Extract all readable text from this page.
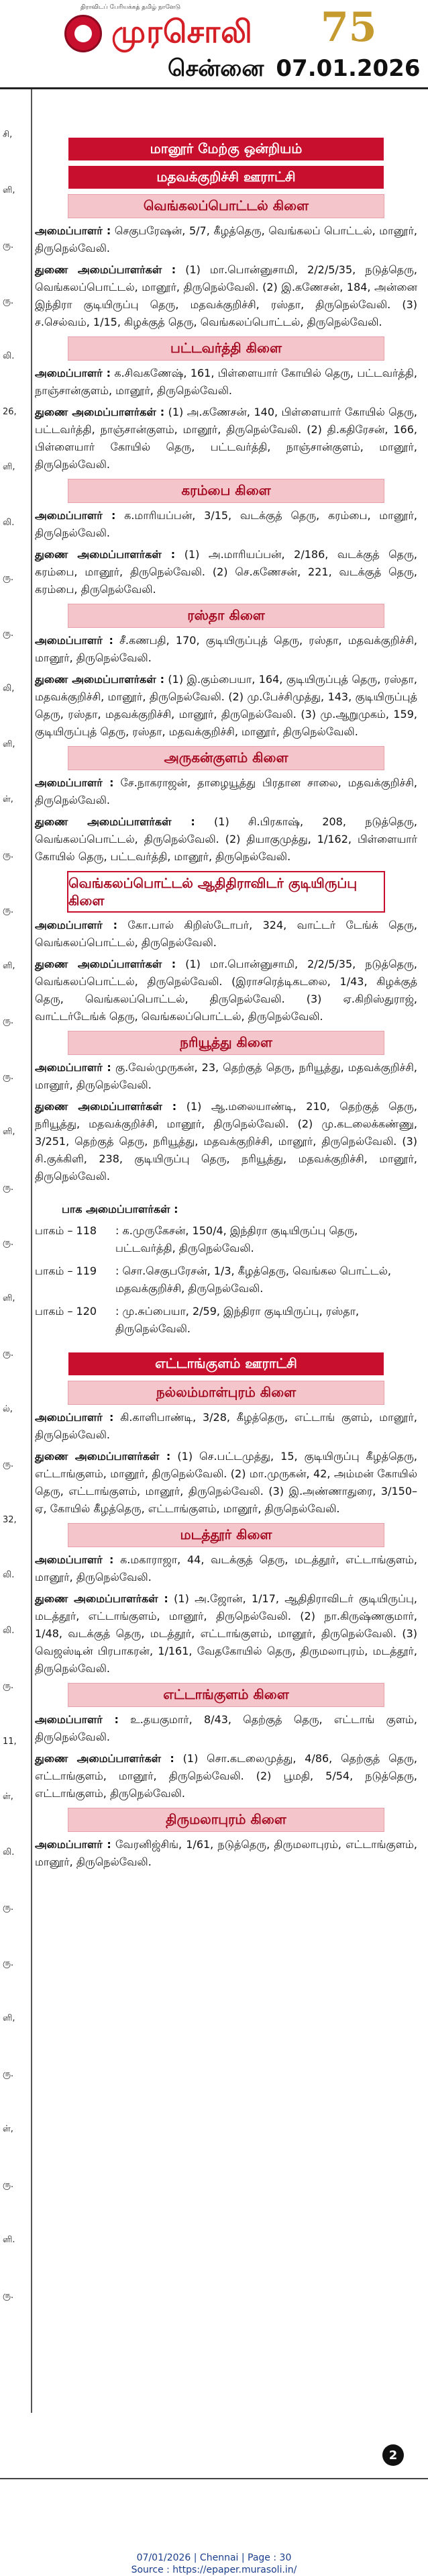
திராவிடப் பேரியக்கத் தமிழ் நாளேடு
முரசொலி 75
சென்னை 07.01.2026
சி,
ளி,
ரு.
ரு.
லி.
26,
ளி,
லி.
ரு.
ரு.
லி,
ளி,
ள்,
ரு.
ரு.
ளி,
ரு.
ரு.
ளி,
ரு.
ரு.
ளி,
ரு.
ல்,
ரு.
32,
லி.
லி.
ரு.
11,
ள்,
லி.
ரு.
ரு.
ளி,
ரு.
ள்,
ரு.
ளி.
ரு.
மானூர் மேற்கு ஒன்றியம்
மதவக்குறிச்சி ஊராட்சி
வெங்கலப்பொட்டல் கிளை

அமைப்பாளர் : செகுபரேஷன், 5/7, கீழத்தெரு, வெங்கலப் பொட்டல், மானூர், திருநெல்வேலி.

துணை அமைப்பாளர்கள் : (1) மா.பொன்னுசாமி, 2/2/5/35, நடுத்தெரு, வெங்கலப்பொட்டல், மானூர், திருநெல்வேலி. (2) இ.கணேசன், 184, அன்னை இந்திரா குடியிருப்பு தெரு, மதவக்குறிச்சி, ரஸ்தா, திருநெல்வேலி. (3) ச.செல்வம், 1/15, கிழக்குத் தெரு, வெங்கலப்பொட்டல், திருநெல்வேலி.

பட்டவர்த்தி கிளை

அமைப்பாளர் : க.சிவகணேஷ், 161, பிள்ளையார் கோயில் தெரு, பட்டவர்த்தி, நாஞ்சான்குளம், மானூர், திருநெல்வேலி.

துணை அமைப்பாளர்கள் : (1) அ.கணேசன், 140, பிள்ளையார் கோயில் தெரு, பட்டவர்த்தி, நாஞ்சான்குளம், மானூர், திருநெல்வேலி. (2) தி.கதிரேசன், 166, பிள்ளையார் கோயில் தெரு, பட்டவர்த்தி, நாஞ்சான்குளம், மானூர், திருநெல்வேலி.

கரம்பை கிளை

அமைப்பாளர் : க.மாரியப்பன், 3/15, வடக்குத் தெரு, கரம்பை, மானூர், திருநெல்வேலி.

துணை அமைப்பாளர்கள் : (1) அ.மாரியப்பன், 2/186, வடக்குத் தெரு, கரம்பை, மானூர், திருநெல்வேலி. (2) செ.கணேசன், 221, வடக்குத் தெரு, கரம்பை, திருநெல்வேலி.

ரஸ்தா கிளை

அமைப்பாளர் : சீ.கணபதி, 170, குடியிருப்புத் தெரு, ரஸ்தா, மதவக்குறிச்சி, மானூர், திருநெல்வேலி.

துணை அமைப்பாளர்கள் : (1) இ.கும்பையா, 164, குடியிருப்புத் தெரு, ரஸ்தா, மதவக்குறிச்சி, மானூர், திருநெல்வேலி. (2) மு.பேச்சிமுத்து, 143, குடியிருப்புத் தெரு, ரஸ்தா, மதவக்குறிச்சி, மானூர், திருநெல்வேலி. (3) மு.ஆறுமுகம், 159, குடியிருப்புத் தெரு, ரஸ்தா, மதவக்குறிச்சி, மானூர், திருநெல்வேலி.

அருகன்குளம் கிளை

அமைப்பாளர் : சே.நாகராஜன், தாழையூத்து பிரதான சாலை, மதவக்குறிச்சி, திருநெல்வேலி.

துணை அமைப்பாளர்கள் : (1) சி.பிரகாஷ், 208, நடுத்தெரு, வெங்கலப்பொட்டல், திருநெல்வேலி. (2) தியாகுமுத்து, 1/162, பிள்ளையார் கோயில் தெரு, பட்டவர்த்தி, மானூர், திருநெல்வேலி.

வெங்கலப்பொட்டல் ஆதிதிராவிடர் குடியிருப்பு கிளை

அமைப்பாளர் : கோ.பால் கிறிஸ்டோபர், 324, வாட்டர் டேங்க் தெரு, வெங்கலப்பொட்டல், திருநெல்வேலி.

துணை அமைப்பாளர்கள் : (1) மா.பொன்னுசாமி, 2/2/5/35, நடுத்தெரு, வெங்கலப்பொட்டல், திருநெல்வேலி. (இராசரெத்டிகடலை, 1/43, கிழக்குத் தெரு, வெங்கலப்பொட்டல், திருநெல்வேலி. (3) ஏ.கிறிஸ்துராஜ், வாட்டர்டேங்க் தெரு, வெங்கலப்பொட்டல், திருநெல்வேலி.

நரியூத்து கிளை

அமைப்பாளர் : கு.வேல்முருகன், 23, தெற்குத் தெரு, நரியூத்து, மதவக்குறிச்சி, மானூர், திருநெல்வேலி.

துணை அமைப்பாளர்கள் : (1) ஆ.மலையாண்டி, 210, தெற்குத் தெரு, நரியூத்து, மதவக்குறிச்சி, மானூர், திருநெல்வேலி. (2) மு.கடலைக்கண்ணு, 3/251, தெற்குத் தெரு, நரியூத்து, மதவக்குறிச்சி, மானூர், திருநெல்வேலி. (3) சி.குக்கிளி, 238, குடியிருப்பு தெரு, நரியூத்து, மதவக்குறிச்சி, மானூர், திருநெல்வேலி.

பாக அமைப்பாளர்கள் :
பாகம் – 118	: க.முருகேசன், 150/4, இந்திரா குடியிருப்பு தெரு, பட்டவர்த்தி, திருநெல்வேலி.
பாகம் – 119	: சொ.செகுபரேசன், 1/3, கீழத்தெரு, வெங்கல பொட்டல், மதவக்குறிச்சி, திருநெல்வேலி.
பாகம் – 120	: மு.சுப்பையா, 2/59, இந்திரா குடியிருப்பு, ரஸ்தா, திருநெல்வேலி.
எட்டாங்குளம் ஊராட்சி
நல்லம்மாள்புரம் கிளை

அமைப்பாளர் : கி.காளிபாண்டி, 3/28, கீழத்தெரு, எட்டாங் குளம், மானூர், திருநெல்வேலி.

துணை அமைப்பாளர்கள் : (1) செ.பட்டமுத்து, 15, குடியிருப்பு கீழத்தெரு, எட்டாங்குளம், மானூர், திருநெல்வேலி. (2) மா.முருகன், 42, அம்மன் கோயில் தெரு, எட்டாங்குளம், மானூர், திருநெல்வேலி. (3) இ.அண்ணாதுரை, 3/150–ஏ, கோயில் கீழத்தெரு, எட்டாங்குளம், மானூர், திருநெல்வேலி.

மடத்தூர் கிளை

அமைப்பாளர் : க.மகாராஜா, 44, வடக்குத் தெரு, மடத்தூர், எட்டாங்குளம், மானூர், திருநெல்வேலி.

துணை அமைப்பாளர்கள் : (1) அ.ஜோன், 1/17, ஆதிதிராவிடர் குடியிருப்பு, மடத்தூர், எட்டாங்குளம், மானூர், திருநெல்வேலி. (2) நா.கிருஷ்ணகுமார், 1/48, வடக்குத் தெரு, மடத்தூர், எட்டாங்குளம், மானூர், திருநெல்வேலி. (3) வெஜஸ்டின் பிரபாகரன், 1/161, வேதகோயில் தெரு, திருமலாபுரம், மடத்தூர், திருநெல்வேலி.

எட்டாங்குளம் கிளை

அமைப்பாளர் : உ.தயகுமார், 8/43, தெற்குத் தெரு, எட்டாங் குளம், திருநெல்வேலி.

துணை அமைப்பாளர்கள் : (1) சொ.கடலைமுத்து, 4/86, தெற்குத் தெரு, எட்டாங்குளம், மானூர், திருநெல்வேலி. (2) பூமதி, 5/54, நடுத்தெரு, எட்டாங்குளம், திருநெல்வேலி.

திருமலாபுரம் கிளை

அமைப்பாளர் : வேரனிஜ்சிங், 1/61, நடுத்தெரு, திருமலாபுரம், எட்டாங்குளம், மானூர், திருநெல்வேலி.

2
07/01/2026 | Chennai | Page : 30
Source : https://epaper.murasoli.in/
